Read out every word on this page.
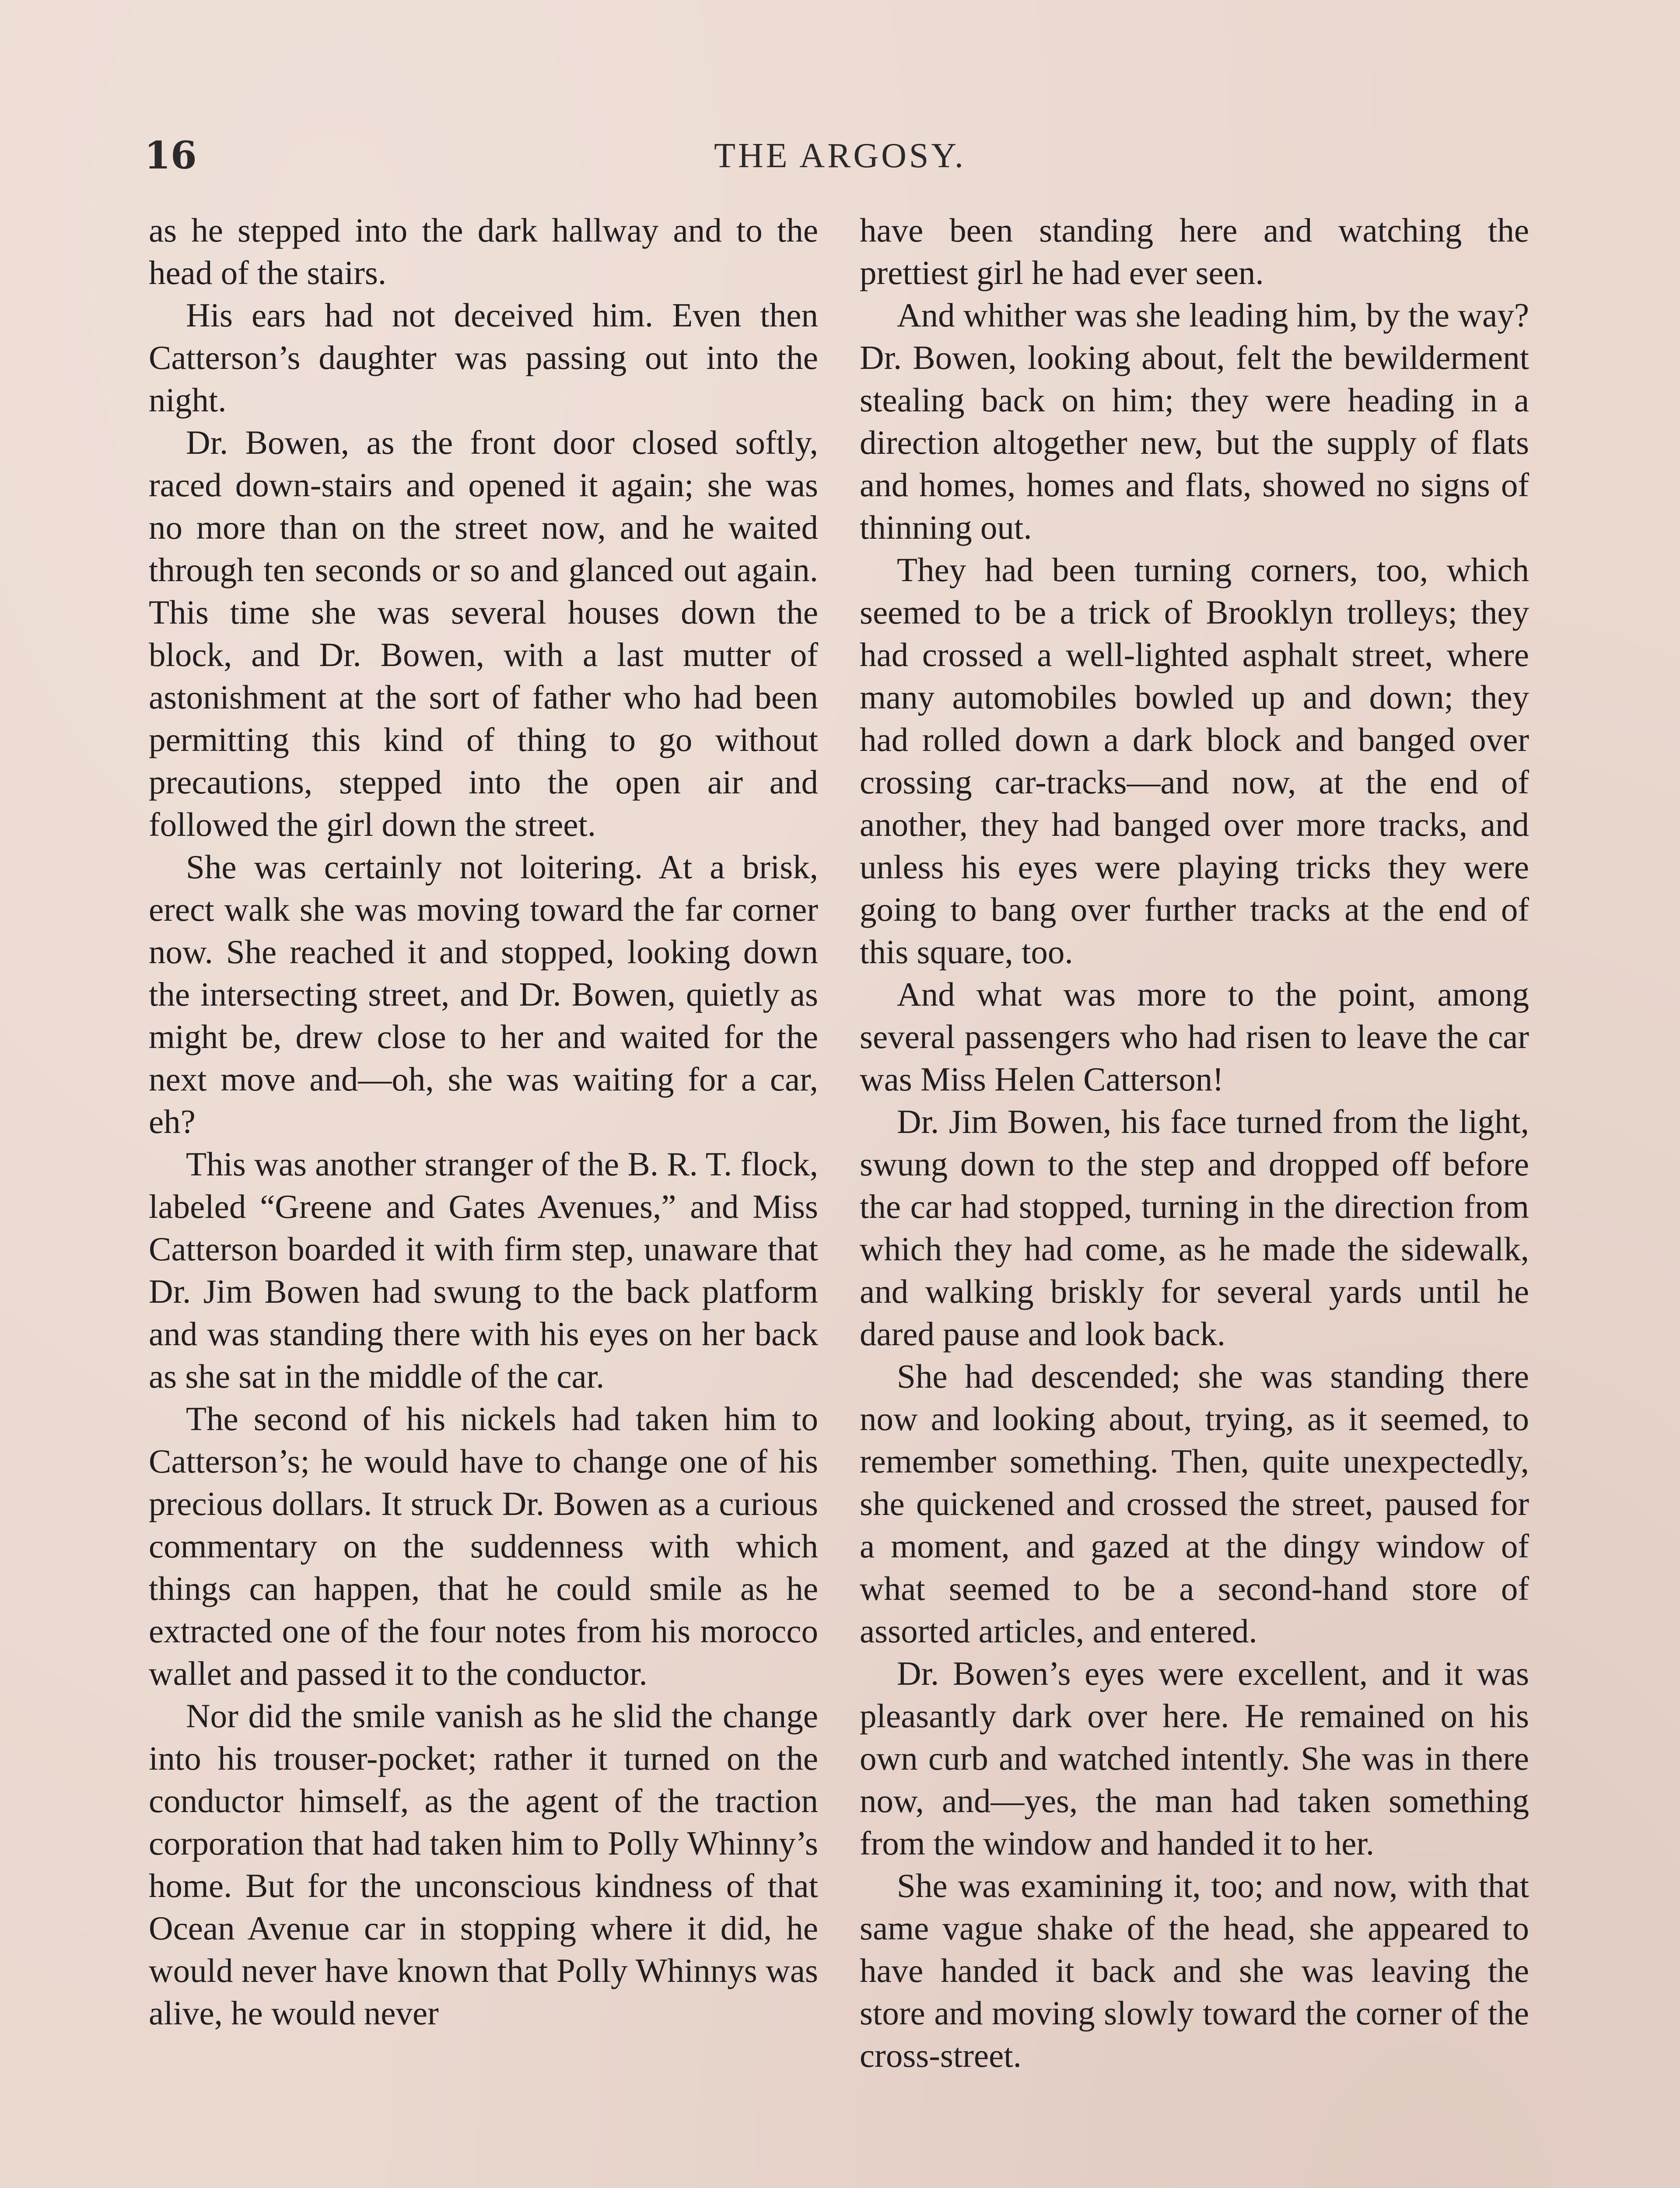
16	THE ARGOSY.

as he stepped into the dark hallway and to the head of the stairs.

His ears had not deceived him. Even then Catterson’s daughter was passing out into the night.

Dr. Bowen, as the front door closed softly, raced down-stairs and opened it again; she was no more than on the street now, and he waited through ten seconds or so and glanced out again. This time she was several houses down the block, and Dr. Bowen, with a last mutter of astonishment at the sort of father who had been permitting this kind of thing to go without precautions, stepped into the open air and followed the girl down the street.

She was certainly not loitering. At a brisk, erect walk she was moving toward the far corner now. She reached it and stopped, looking down the intersecting street, and Dr. Bowen, quietly as might be, drew close to her and waited for the next move and—oh, she was waiting for a car, eh?

This was another stranger of the B. R. T. flock, labeled “Greene and Gates Avenues,” and Miss Catterson boarded it with firm step, unaware that Dr. Jim Bowen had swung to the back platform and was standing there with his eyes on her back as she sat in the middle of the car.

The second of his nickels had taken him to Catterson’s; he would have to change one of his precious dollars. It struck Dr. Bowen as a curious commentary on the suddenness with which things can happen, that he could smile as he extracted one of the four notes from his morocco wallet and passed it to the conductor.

Nor did the smile vanish as he slid the change into his trouser-pocket; rather it turned on the conductor himself, as the agent of the traction corporation that had taken him to Polly Whinny’s home. But for the unconscious kindness of that Ocean Avenue car in stopping where it did, he would never have known that Polly Whinnys was alive, he would never

have been standing here and watching the prettiest girl he had ever seen.

And whither was she leading him, by the way? Dr. Bowen, looking about, felt the bewilderment stealing back on him; they were heading in a direction altogether new, but the supply of flats and homes, homes and flats, showed no signs of thinning out.

They had been turning corners, too, which seemed to be a trick of Brooklyn trolleys; they had crossed a well-lighted asphalt street, where many automobiles bowled up and down; they had rolled down a dark block and banged over crossing car-tracks—and now, at the end of another, they had banged over more tracks, and unless his eyes were playing tricks they were going to bang over further tracks at the end of this square, too.

And what was more to the point, among several passengers who had risen to leave the car was Miss Helen Catterson!

Dr. Jim Bowen, his face turned from the light, swung down to the step and dropped off before the car had stopped, turning in the direction from which they had come, as he made the sidewalk, and walking briskly for several yards until he dared pause and look back.

She had descended; she was standing there now and looking about, trying, as it seemed, to remember something. Then, quite unexpectedly, she quickened and crossed the street, paused for a moment, and gazed at the dingy window of what seemed to be a second-hand store of assorted articles, and entered.

Dr. Bowen’s eyes were excellent, and it was pleasantly dark over here. He remained on his own curb and watched intently. She was in there now, and—yes, the man had taken something from the window and handed it to her.

She was examining it, too; and now, with that same vague shake of the head, she appeared to have handed it back and she was leaving the store and moving slowly toward the corner of the cross-street.
